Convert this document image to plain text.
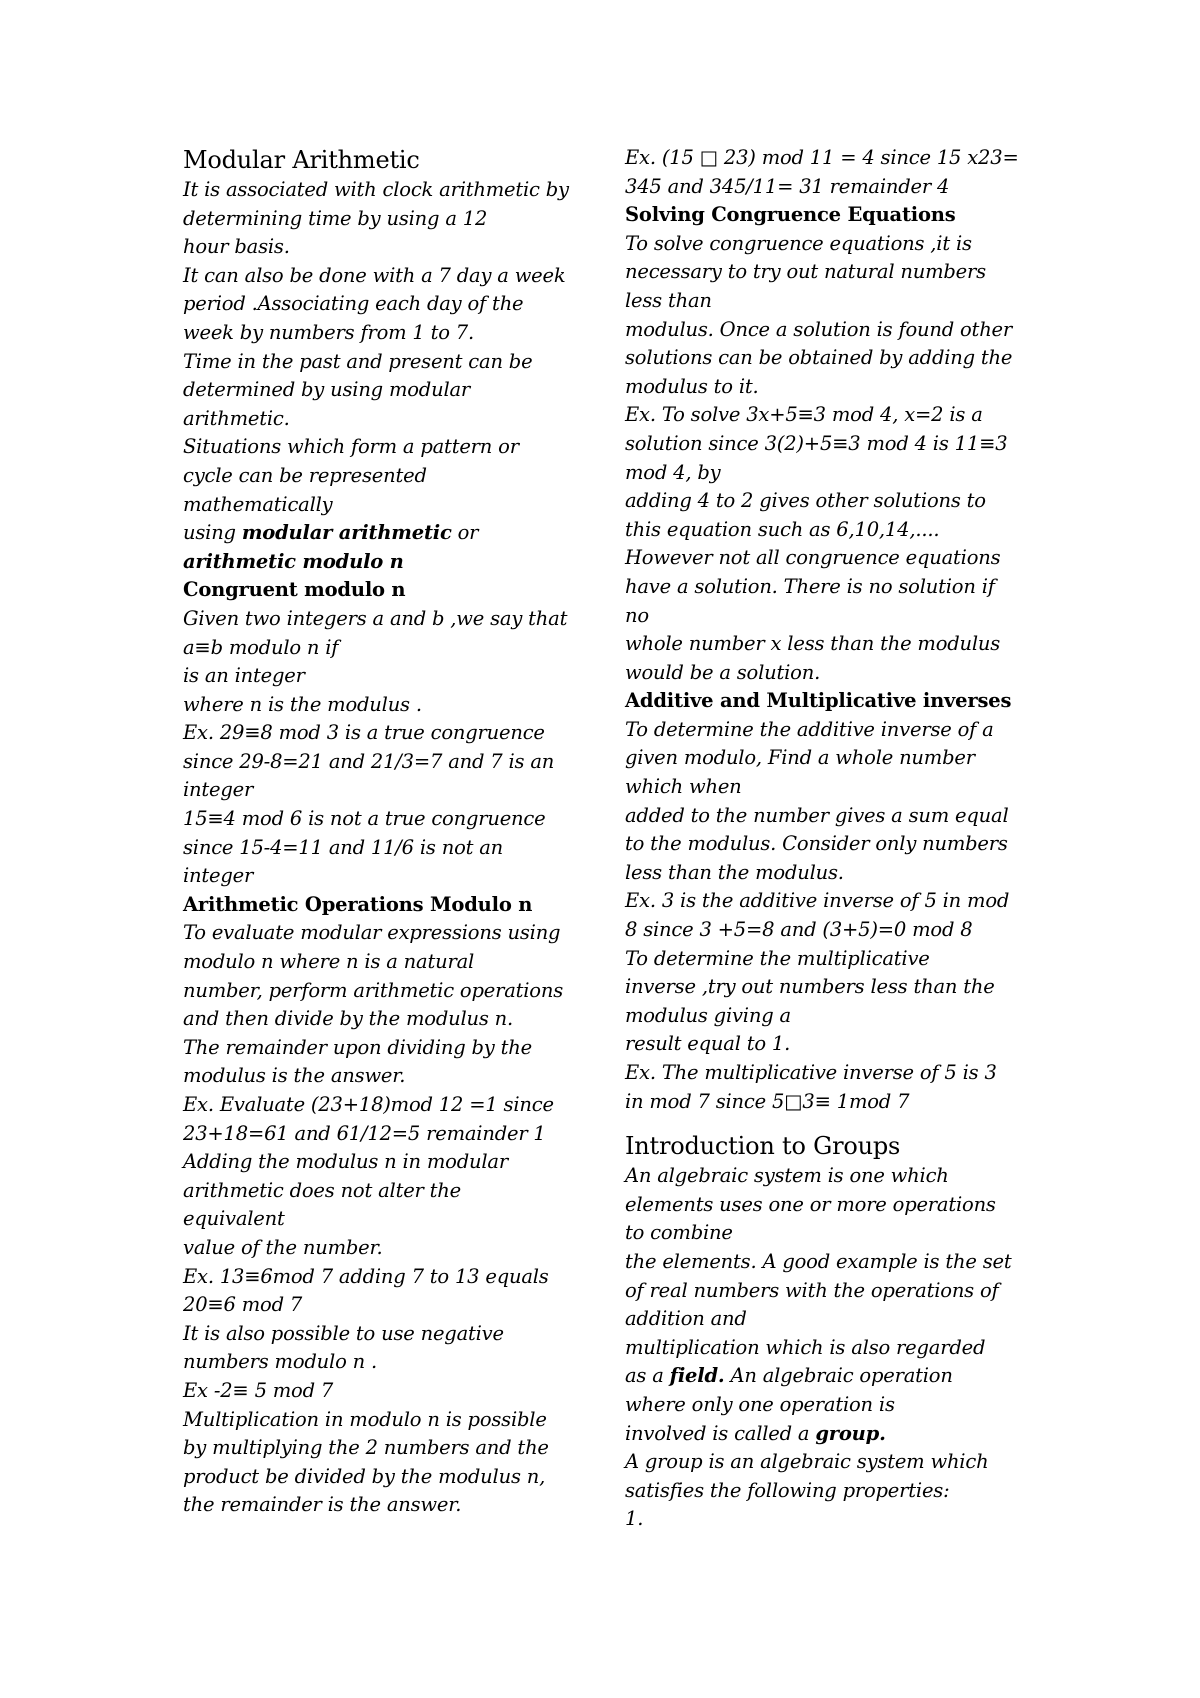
Modular Arithmetic
It is associated with clock arithmetic by
determining time by using a 12
hour basis.
It can also be done with a 7 day a week
period .Associating each day of the
week by numbers from 1 to 7.
Time in the past and present can be
determined by using modular
arithmetic.
Situations which form a pattern or
cycle can be represented
mathematically
using modular arithmetic or
arithmetic modulo n
Congruent modulo n
Given two integers a and b ,we say that
a≡b modulo n if
is an integer
where n is the modulus .
Ex. 29≡8 mod 3 is a true congruence
since 29-8=21 and 21/3=7 and 7 is an
integer
15≡4 mod 6 is not a true congruence
since 15-4=11 and 11/6 is not an
integer
Arithmetic Operations Modulo n
To evaluate modular expressions using
modulo n where n is a natural
number, perform arithmetic operations
and then divide by the modulus n.
The remainder upon dividing by the
modulus is the answer.
Ex. Evaluate (23+18)mod 12 =1 since
23+18=61 and 61/12=5 remainder 1
Adding the modulus n in modular
arithmetic does not alter the
equivalent
value of the number.
Ex. 13≡6mod 7 adding 7 to 13 equals
20≡6 mod 7
It is also possible to use negative
numbers modulo n .
Ex -2≡ 5 mod 7
Multiplication in modulo n is possible
by multiplying the 2 numbers and the
product be divided by the modulus n,
the remainder is the answer.
Ex. (15 □ 23) mod 11 = 4 since 15 x23=
345 and 345/11= 31 remainder 4
Solving Congruence Equations
To solve congruence equations ,it is
necessary to try out natural numbers
less than
modulus. Once a solution is found other
solutions can be obtained by adding the
modulus to it.
Ex. To solve 3x+5≡3 mod 4, x=2 is a
solution since 3(2)+5≡3 mod 4 is 11≡3
mod 4, by
adding 4 to 2 gives other solutions to
this equation such as 6,10,14,....
However not all congruence equations
have a solution. There is no solution if
no
whole number x less than the modulus
would be a solution.
Additive and Multiplicative inverses
To determine the additive inverse of a
given modulo, Find a whole number
which when
added to the number gives a sum equal
to the modulus. Consider only numbers
less than the modulus.
Ex. 3 is the additive inverse of 5 in mod
8 since 3 +5=8 and (3+5)=0 mod 8
To determine the multiplicative
inverse ,try out numbers less than the
modulus giving a
result equal to 1.
Ex. The multiplicative inverse of 5 is 3
in mod 7 since 5□3≡ 1mod 7
Introduction to Groups
An algebraic system is one which
elements uses one or more operations
to combine
the elements. A good example is the set
of real numbers with the operations of
addition and
multiplication which is also regarded
as a field. An algebraic operation
where only one operation is
involved is called a group.
A group is an algebraic system which
satisfies the following properties:
1.
